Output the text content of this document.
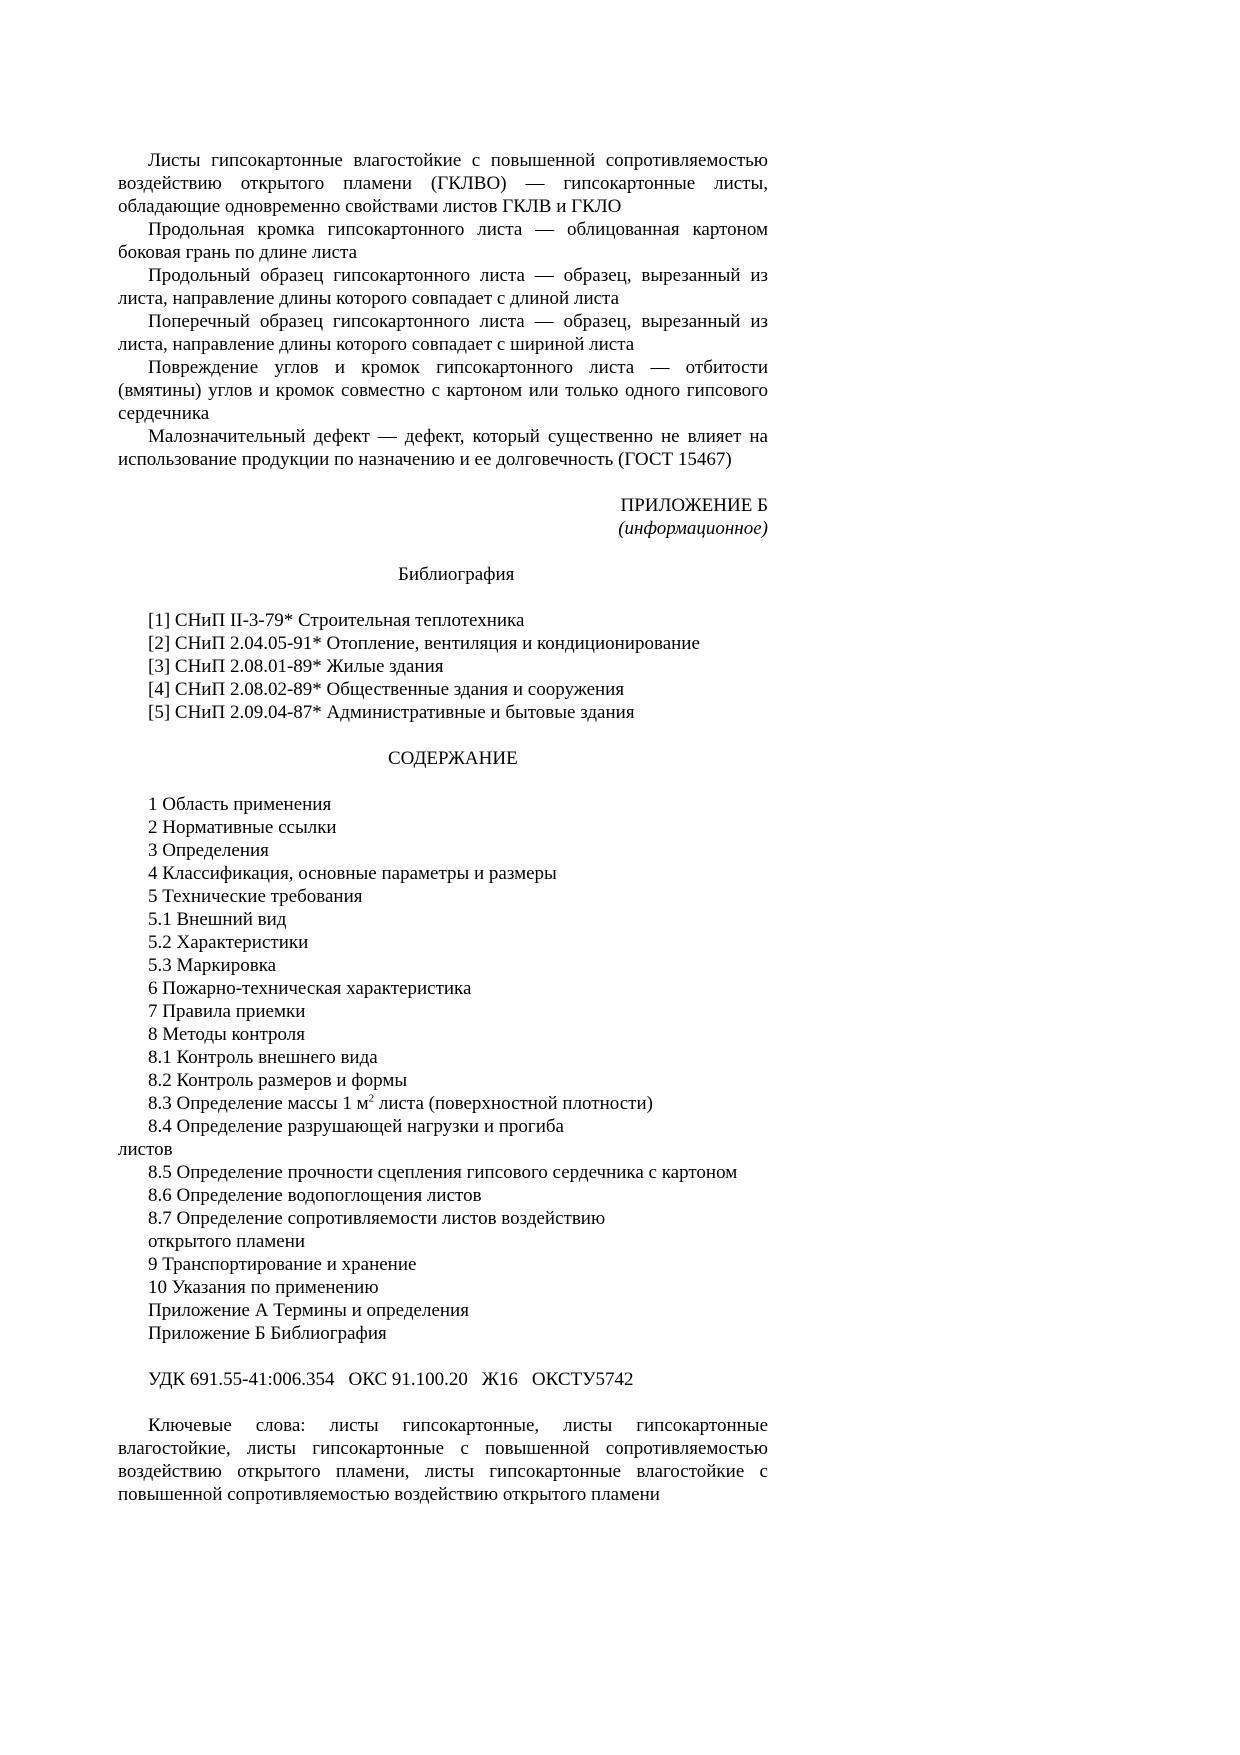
Листы гипсокартонные влагостойкие с повышенной сопротивляемостью воздействию открытого пламени (ГКЛВО) — гипсокартонные листы, обладающие одновременно свойствами листов ГКЛВ и ГКЛО

Продольная кромка гипсокартонного листа — облицованная картоном боковая грань по длине листа

Продольный образец гипсокартонного листа — образец, вырезанный из листа, направление длины которого совпадает с длиной листа

Поперечный образец гипсокартонного листа — образец, вырезанный из листа, направление длины которого совпадает с шириной листа

Повреждение углов и кромок гипсокартонного листа — отбитости (вмятины) углов и кромок совместно с картоном или только одного гипсового сердечника

Малозначительный дефект — дефект, который существенно не влияет на использование продукции по назначению и ее долговечность (ГОСТ 15467)

ПРИЛОЖЕНИЕ Б

(информационное)

Библиография

[1] СНиП II-3-79* Строительная теплотехника

[2] СНиП 2.04.05-91* Отопление, вентиляция и кондиционирование

[3] СНиП 2.08.01-89* Жилые здания

[4] СНиП 2.08.02-89* Общественные здания и сооружения

[5] СНиП 2.09.04-87* Административные и бытовые здания

СОДЕРЖАНИЕ

1 Область применения

2 Нормативные ссылки

3 Определения

4 Классификация, основные параметры и размеры

5 Технические требования

5.1 Внешний вид

5.2 Характеристики

5.3 Маркировка

6 Пожарно-техническая характеристика

7 Правила приемки

8 Методы контроля

8.1 Контроль внешнего вида

8.2 Контроль размеров и формы

8.3 Определение массы 1 $м^2$ листа (поверхностной плотности)

8.4 Определение разрушающей нагрузки и прогиба

листов

8.5 Определение прочности сцепления гипсового сердечника с картоном

8.6 Определение водопоглощения листов

8.7 Определение сопротивляемости листов воздействию

открытого пламени

9 Транспортирование и хранение

10 Указания по применению

Приложение А Термины и определения

Приложение Б Библиография

УДК 691.55-41:006.354 ОКС 91.100.20 Ж16 ОКСТУ5742

Ключевые слова: листы гипсокартонные, листы гипсокартонные влагостойкие, листы гипсокартонные с повышенной сопротивляемостью воздействию открытого пламени, листы гипсокартонные влагостойкие с повышенной сопротивляемостью воздействию открытого пламени
